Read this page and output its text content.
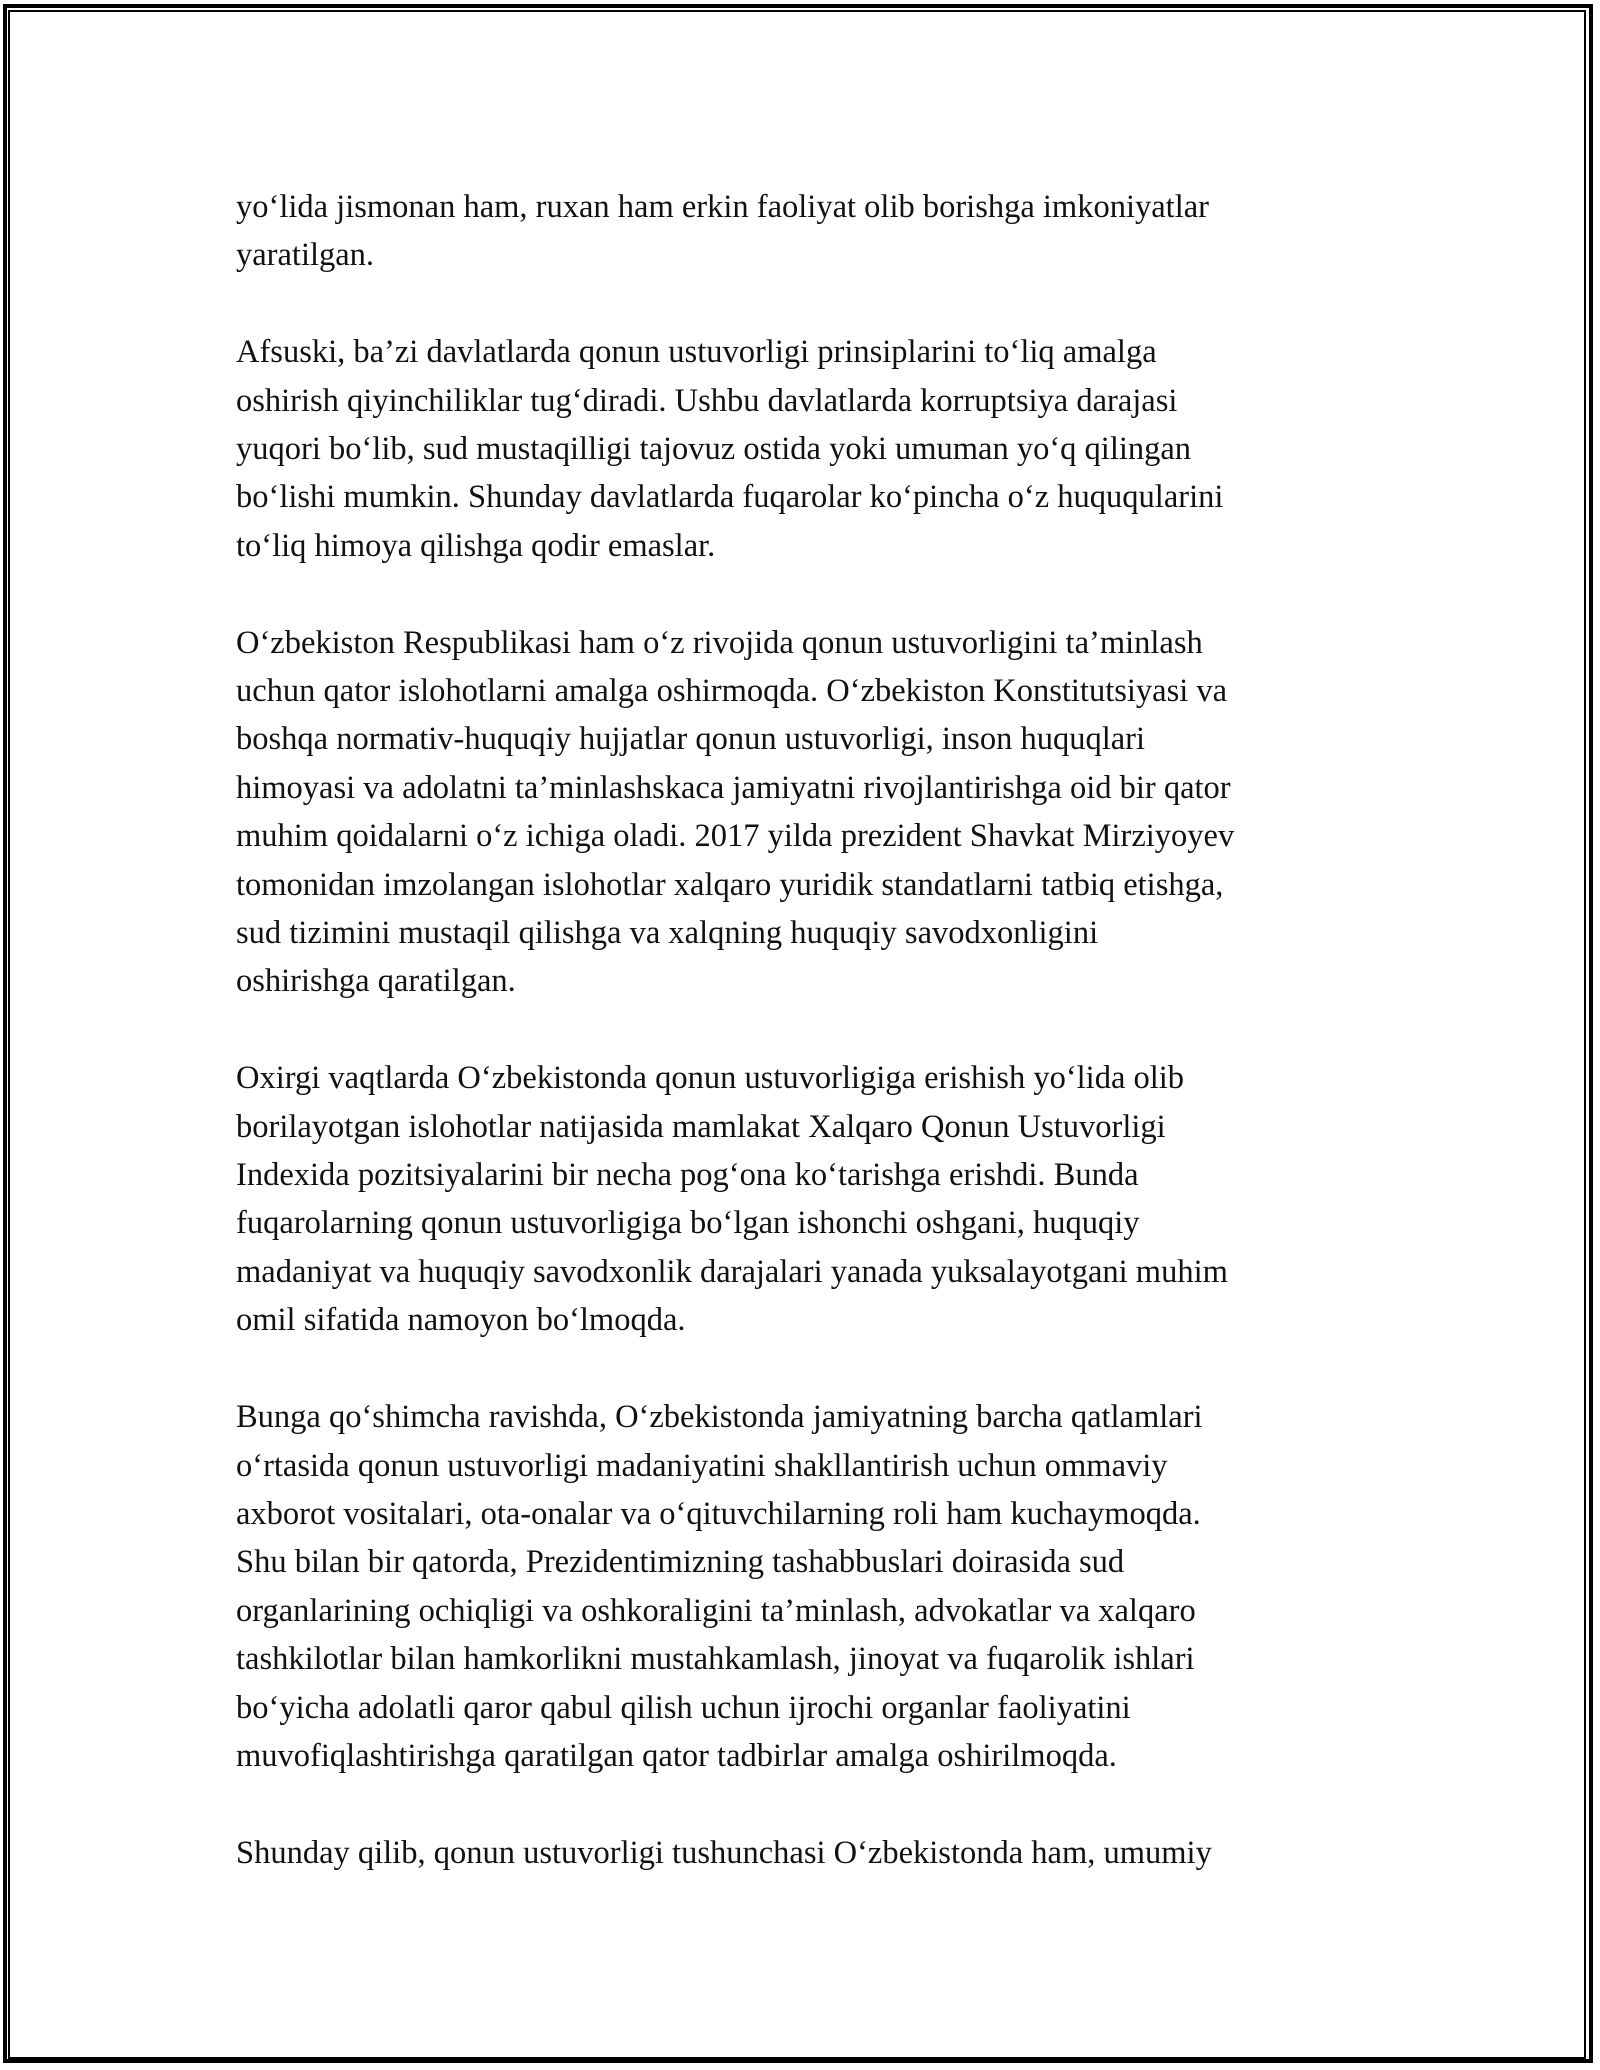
yo‘lida jismonan ham, ruxan ham erkin faoliyat olib borishga imkoniyatlar
yaratilgan.

Afsuski, ba’zi davlatlarda qonun ustuvorligi prinsiplarini to‘liq amalga
oshirish qiyinchiliklar tug‘diradi. Ushbu davlatlarda korruptsiya darajasi
yuqori bo‘lib, sud mustaqilligi tajovuz ostida yoki umuman yo‘q qilingan
bo‘lishi mumkin. Shunday davlatlarda fuqarolar ko‘pincha o‘z huquqularini
to‘liq himoya qilishga qodir emaslar.

O‘zbekiston Respublikasi ham o‘z rivojida qonun ustuvorligini ta’minlash
uchun qator islohotlarni amalga oshirmoqda. O‘zbekiston Konstitutsiyasi va
boshqa normativ-huquqiy hujjatlar qonun ustuvorligi, inson huquqlari
himoyasi va adolatni ta’minlashskaca jamiyatni rivojlantirishga oid bir qator
muhim qoidalarni o‘z ichiga oladi. 2017 yilda prezident Shavkat Mirziyoyev
tomonidan imzolangan islohotlar xalqaro yuridik standatlarni tatbiq etishga,
sud tizimini mustaqil qilishga va xalqning huquqiy savodxonligini
oshirishga qaratilgan.

Oxirgi vaqtlarda O‘zbekistonda qonun ustuvorligiga erishish yo‘lida olib
borilayotgan islohotlar natijasida mamlakat Xalqaro Qonun Ustuvorligi
Indexida pozitsiyalarini bir necha pog‘ona ko‘tarishga erishdi. Bunda
fuqarolarning qonun ustuvorligiga bo‘lgan ishonchi oshgani, huquqiy
madaniyat va huquqiy savodxonlik darajalari yanada yuksalayotgani muhim
omil sifatida namoyon bo‘lmoqda.

Bunga qo‘shimcha ravishda, O‘zbekistonda jamiyatning barcha qatlamlari
o‘rtasida qonun ustuvorligi madaniyatini shakllantirish uchun ommaviy
axborot vositalari, ota-onalar va o‘qituvchilarning roli ham kuchaymoqda.
Shu bilan bir qatorda, Prezidentimizning tashabbuslari doirasida sud
organlarining ochiqligi va oshkoraligini ta’minlash, advokatlar va xalqaro
tashkilotlar bilan hamkorlikni mustahkamlash, jinoyat va fuqarolik ishlari
bo‘yicha adolatli qaror qabul qilish uchun ijrochi organlar faoliyatini
muvofiqlashtirishga qaratilgan qator tadbirlar amalga oshirilmoqda.

Shunday qilib, qonun ustuvorligi tushunchasi O‘zbekistonda ham, umumiy
